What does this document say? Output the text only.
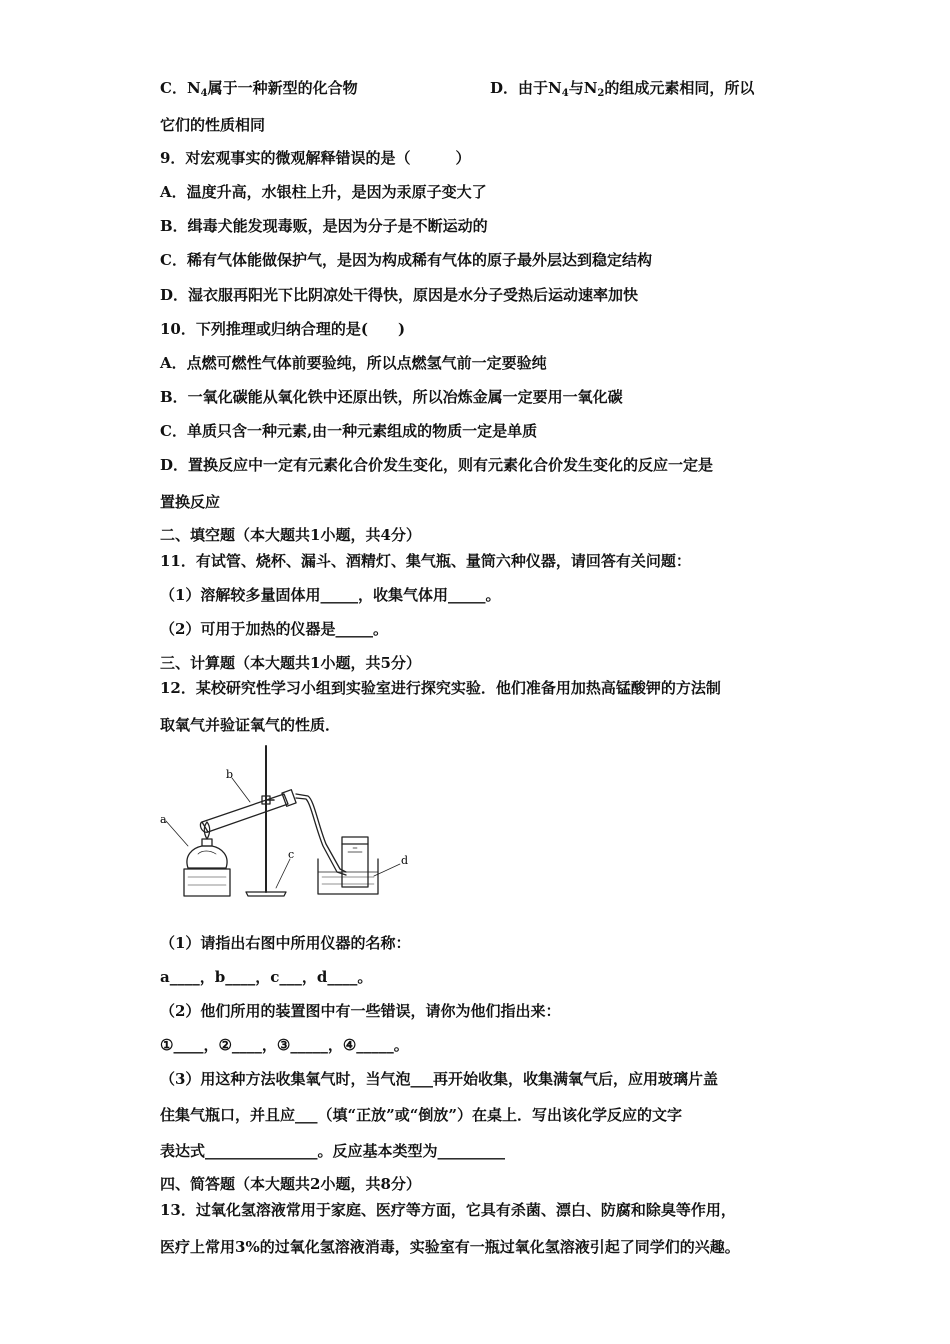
C．$N_4$属于一种新型的化合物	D．由于$N_4$与$N_2$的组成元素相同，所以
它们的性质相同
9．对宏观事实的微观解释错误的是（　　　）
A．温度升高，水银柱上升，是因为汞原子变大了
B．缉毒犬能发现毒贩，是因为分子是不断运动的
C．稀有气体能做保护气，是因为构成稀有气体的原子最外层达到稳定结构
D．湿衣服再阳光下比阴凉处干得快，原因是水分子受热后运动速率加快
10．下列推理或归纳合理的是(　　)
A．点燃可燃性气体前要验纯，所以点燃氢气前一定要验纯
B．一氧化碳能从氧化铁中还原出铁，所以冶炼金属一定要用一氧化碳
C．单质只含一种元素,由一种元素组成的物质一定是单质
D．置换反应中一定有元素化合价发生变化，则有元素化合价发生变化的反应一定是
置换反应
二、填空题（本大题共1小题，共4分）
11．有试管、烧杯、漏斗、酒精灯、集气瓶、量筒六种仪器，请回答有关问题：
（1）溶解较多量固体用_____，收集气体用_____。
（2）可用于加热的仪器是_____。
三、计算题（本大题共1小题，共5分）
12．某校研究性学习小组到实验室进行探究实验．他们准备用加热高锰酸钾的方法制
取氧气并验证氧气的性质．
a
b
c	d
（1）请指出右图中所用仪器的名称：
a____，b____，c___，d____。
（2）他们所用的装置图中有一些错误，请你为他们指出来：
①____，②____，③_____，④_____。
（3）用这种方法收集氧气时，当气泡___再开始收集，收集满氧气后，应用玻璃片盖
住集气瓶口，并且应___（填“正放”或“倒放”）在桌上．写出该化学反应的文字
表达式_______________。反应基本类型为_________
四、简答题（本大题共2小题，共8分）
13．过氧化氢溶液常用于家庭、医疗等方面，它具有杀菌、漂白、防腐和除臭等作用，
医疗上常用3%的过氧化氢溶液消毒，实验室有一瓶过氧化氢溶液引起了同学们的兴趣。
